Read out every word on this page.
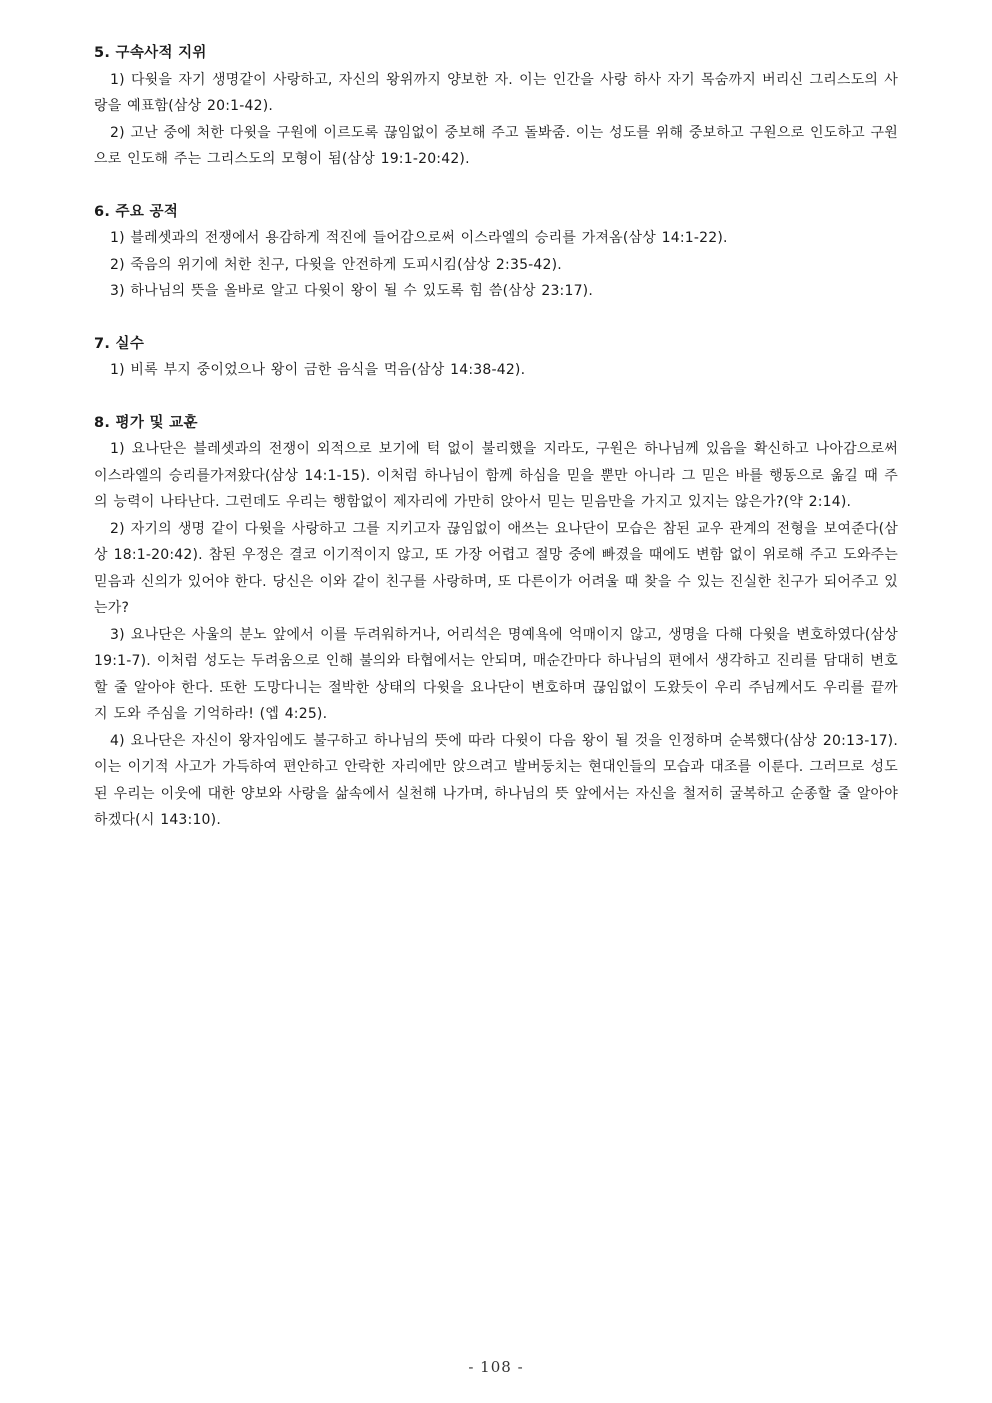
5. 구속사적 지위

1) 다윗을 자기 생명같이 사랑하고, 자신의 왕위까지 양보한 자. 이는 인간을 사랑 하사 자기 목숨까지 버리신 그리스도의 사랑을 예표함(삼상 20:1-42).

2) 고난 중에 처한 다윗을 구원에 이르도록 끊임없이 중보해 주고 돌봐줌. 이는 성도를 위해 중보하고 구원으로 인도하고 구원으로 인도해 주는 그리스도의 모형이 됨(삼상 19:1-20:42).

6. 주요 공적

1) 블레셋과의 전쟁에서 용감하게 적진에 들어감으로써 이스라엘의 승리를 가져옴(삼상 14:1-22).

2) 죽음의 위기에 처한 친구, 다윗을 안전하게 도피시킴(삼상 2:35-42).

3) 하나님의 뜻을 올바로 알고 다윗이 왕이 될 수 있도록 힘 씀(삼상 23:17).

7. 실수

1) 비록 부지 중이었으나 왕이 금한 음식을 먹음(삼상 14:38-42).

8. 평가 및 교훈

1) 요나단은 블레셋과의 전쟁이 외적으로 보기에 턱 없이 불리했을 지라도, 구원은 하나님께 있음을 확신하고 나아감으로써 이스라엘의 승리를가져왔다(삼상 14:1-15). 이처럼 하나님이 함께 하심을 믿을 뿐만 아니라 그 믿은 바를 행동으로 옮길 때 주의 능력이 나타난다. 그런데도 우리는 행함없이 제자리에 가만히 앉아서 믿는 믿음만을 가지고 있지는 않은가?(약 2:14).

2) 자기의 생명 같이 다윗을 사랑하고 그를 지키고자 끊임없이 애쓰는 요나단이 모습은 참된 교우 관계의 전형을 보여준다(삼상 18:1-20:42). 참된 우정은 결코 이기적이지 않고, 또 가장 어렵고 절망 중에 빠졌을 때에도 변함 없이 위로해 주고 도와주는 믿음과 신의가 있어야 한다. 당신은 이와 같이 친구를 사랑하며, 또 다른이가 어려울 때 찾을 수 있는 진실한 친구가 되어주고 있는가?

3) 요나단은 사울의 분노 앞에서 이를 두려워하거나, 어리석은 명예욕에 억매이지 않고, 생명을 다해 다윗을 변호하였다(삼상 19:1-7). 이처럼 성도는 두려움으로 인해 불의와 타협에서는 안되며, 매순간마다 하나님의 편에서 생각하고 진리를 담대히 변호할 줄 알아야 한다. 또한 도망다니는 절박한 상태의 다윗을 요나단이 변호하며 끊임없이 도왔듯이 우리 주님께서도 우리를 끝까지 도와 주심을 기억하라! (엡 4:25).

4) 요나단은 자신이 왕자임에도 불구하고 하나님의 뜻에 따라 다윗이 다음 왕이 될 것을 인정하며 순복했다(삼상 20:13-17). 이는 이기적 사고가 가득하여 편안하고 안락한 자리에만 앉으려고 발버둥치는 현대인들의 모습과 대조를 이룬다. 그러므로 성도된 우리는 이웃에 대한 양보와 사랑을 삶속에서 실천해 나가며, 하나님의 뜻 앞에서는 자신을 철저히 굴복하고 순종할 줄 알아야 하겠다(시 143:10).

- 108 -
